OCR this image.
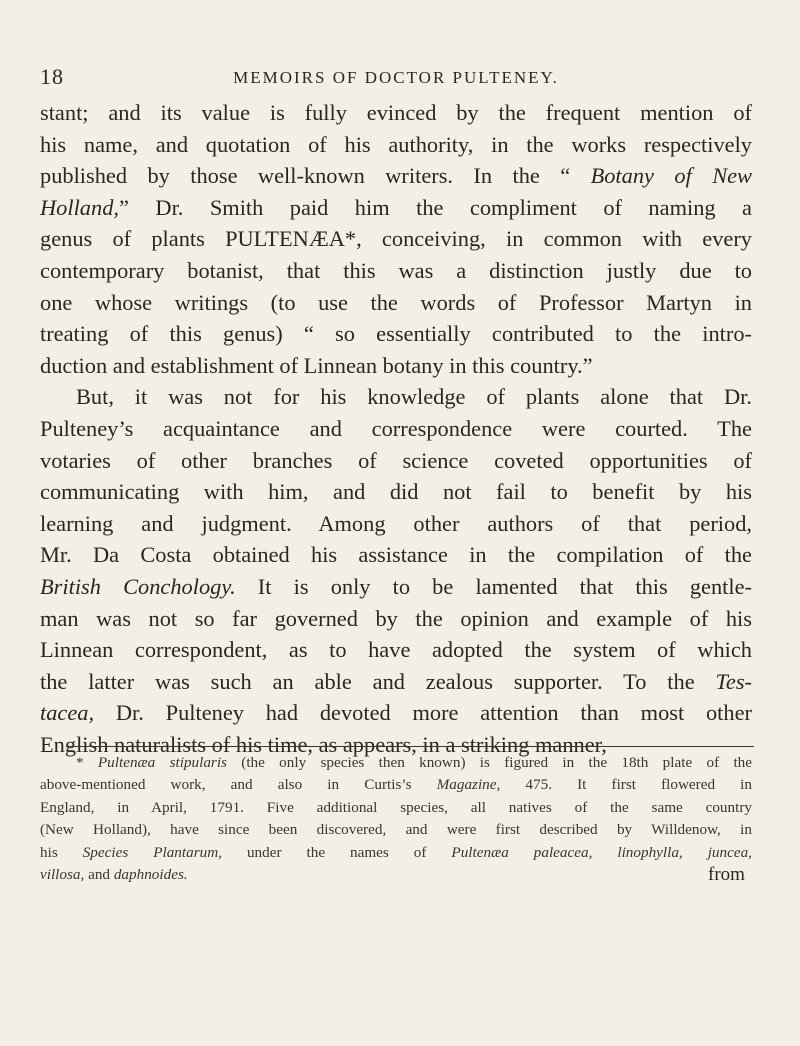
18	MEMOIRS OF DOCTOR PULTENEY.
stant; and its value is fully evinced by the frequent mention of
his name, and quotation of his authority, in the works respectively
published by those well-known writers. In the “ Botany of New
Holland,” Dr. Smith paid him the compliment of naming a
genus of plants PULTENÆA*, conceiving, in common with every
contemporary botanist, that this was a distinction justly due to
one whose writings (to use the words of Professor Martyn in
treating of this genus) “ so essentially contributed to the intro-
duction and establishment of Linnean botany in this country.”
But, it was not for his knowledge of plants alone that Dr.
Pulteney’s acquaintance and correspondence were courted. The
votaries of other branches of science coveted opportunities of
communicating with him, and did not fail to benefit by his
learning and judgment. Among other authors of that period,
Mr. Da Costa obtained his assistance in the compilation of the
British Conchology. It is only to be lamented that this gentle-
man was not so far governed by the opinion and example of his
Linnean correspondent, as to have adopted the system of which
the latter was such an able and zealous supporter. To the Tes-
tacea, Dr. Pulteney had devoted more attention than most other
English naturalists of his time, as appears, in a striking manner,
* Pultenæa stipularis (the only species then known) is figured in the 18th plate of the
above-mentioned work, and also in Curtis’s Magazine, 475. It first flowered in
England, in April, 1791. Five additional species, all natives of the same country
(New Holland), have since been discovered, and were first described by Willdenow, in
his Species Plantarum, under the names of Pultenæa paleacea, linophylla, juncea,
villosa, and daphnoides.	from
